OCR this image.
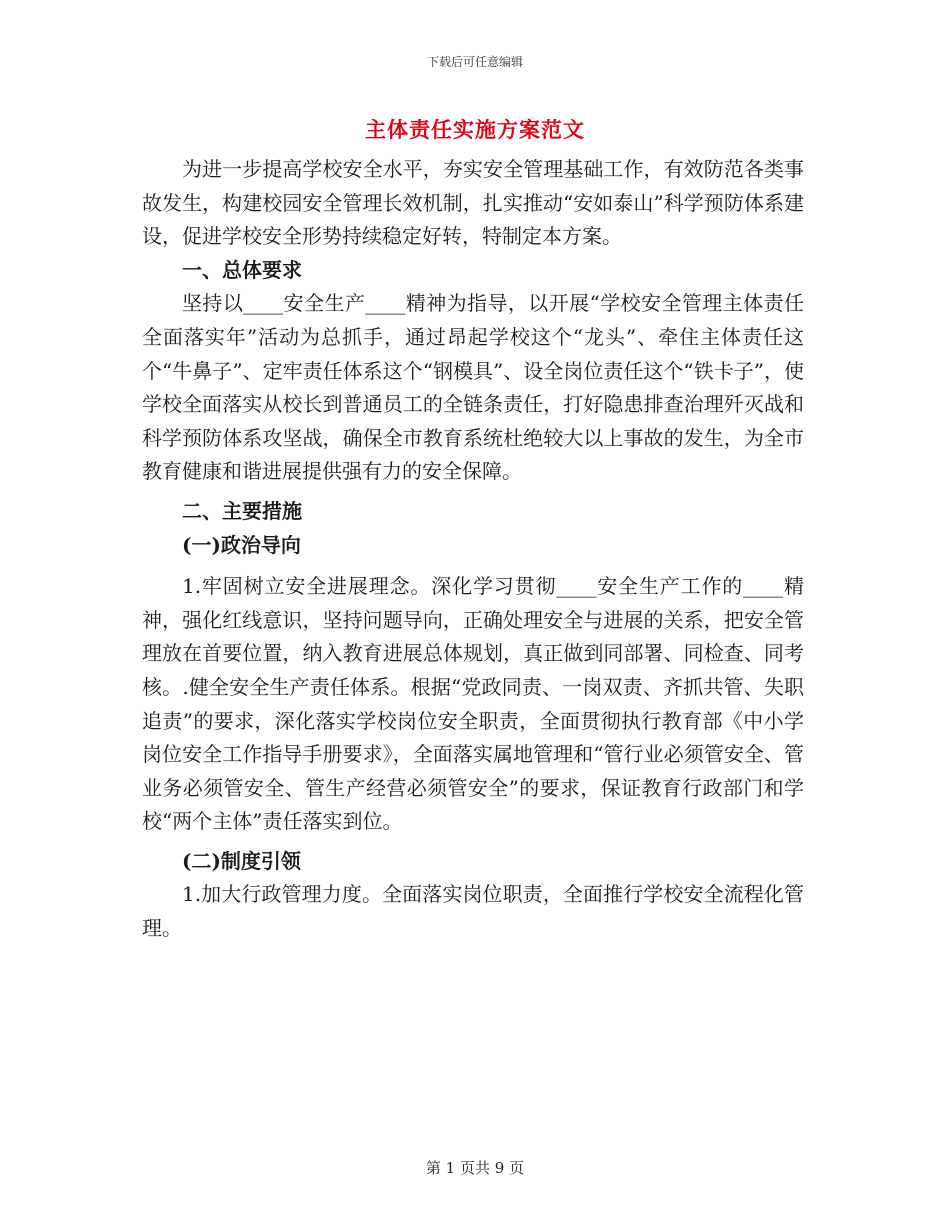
下载后可任意编辑
主体责任实施方案范文

为进一步提高学校安全水平，夯实安全管理基础工作，有效防范各类事故发生，构建校园安全管理长效机制，扎实推动“安如泰山”科学预防体系建设，促进学校安全形势持续稳定好转，特制定本方案。

一、总体要求

坚持以____安全生产____精神为指导，以开展“学校安全管理主体责任全面落实年”活动为总抓手，通过昂起学校这个“龙头”、牵住主体责任这个“牛鼻子”、定牢责任体系这个“钢模具”、设全岗位责任这个“铁卡子”，使学校全面落实从校长到普通员工的全链条责任，打好隐患排查治理歼灭战和科学预防体系攻坚战，确保全市教育系统杜绝较大以上事故的发生，为全市教育健康和谐进展提供强有力的安全保障。

二、主要措施

(一)政治导向

1.牢固树立安全进展理念。深化学习贯彻____安全生产工作的____精神，强化红线意识，坚持问题导向，正确处理安全与进展的关系，把安全管理放在首要位置，纳入教育进展总体规划，真正做到同部署、同检查、同考核。.健全安全生产责任体系。根据“党政同责、一岗双责、齐抓共管、失职追责”的要求，深化落实学校岗位安全职责，全面贯彻执行教育部《中小学岗位安全工作指导手册要求》，全面落实属地管理和“管行业必须管安全、管业务必须管安全、管生产经营必须管安全”的要求，保证教育行政部门和学校“两个主体”责任落实到位。

(二)制度引领

1.加大行政管理力度。全面落实岗位职责，全面推行学校安全流程化管理。

第 1 页共 9 页
